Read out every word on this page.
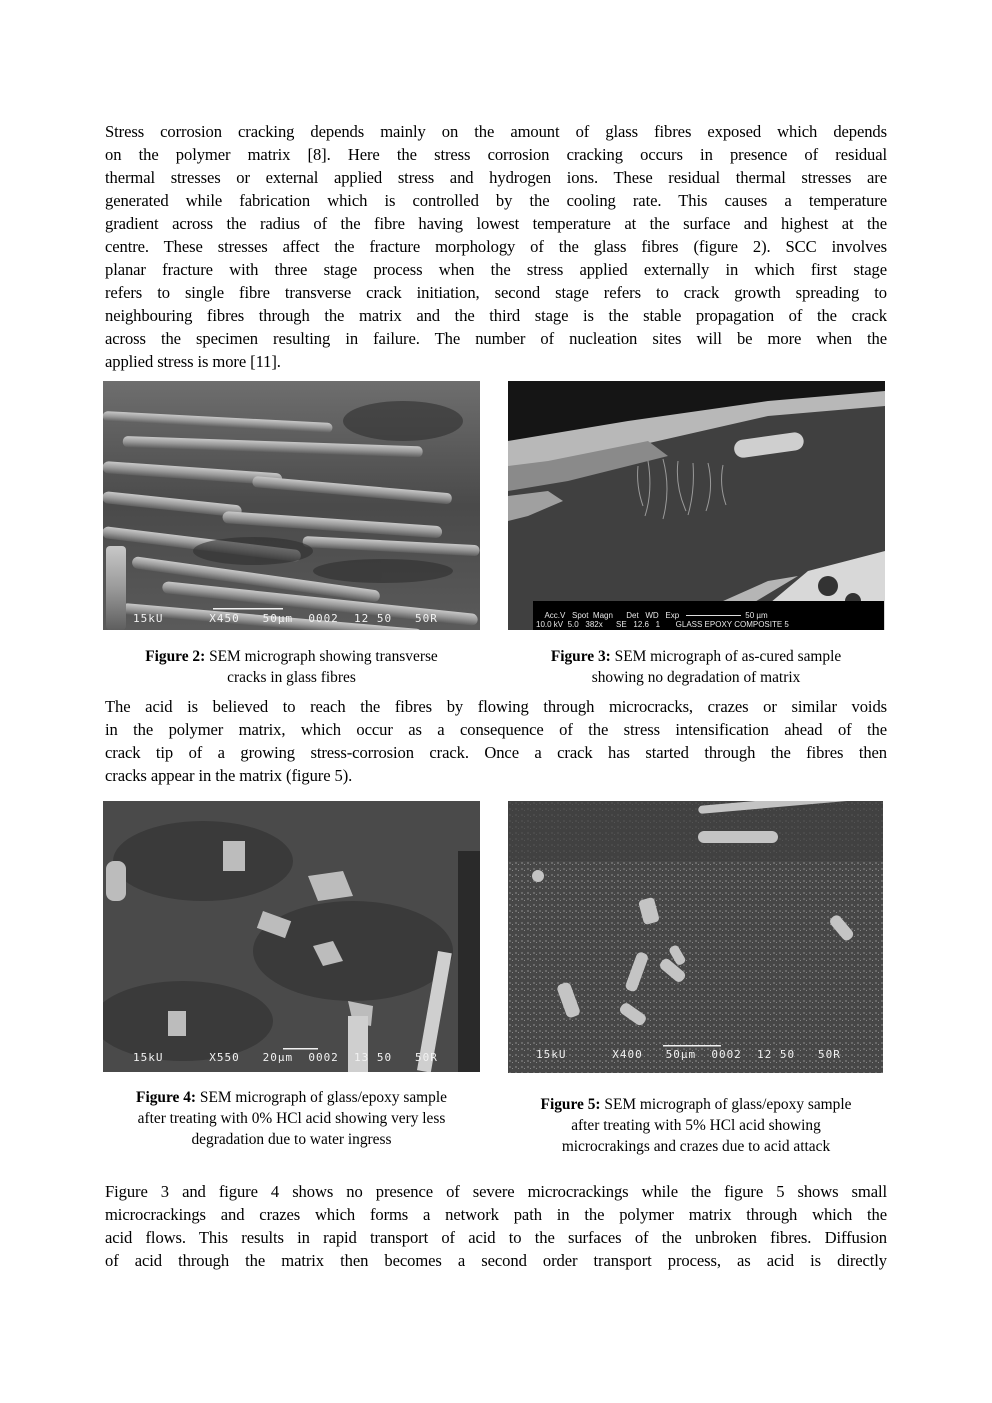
Stress corrosion cracking depends mainly on the amount of glass fibres exposed which depends
on the polymer matrix [8]. Here the stress corrosion cracking occurs in presence of residual
thermal stresses or external applied stress and hydrogen ions. These residual thermal stresses are
generated while fabrication which is controlled by the cooling rate. This causes a temperature
gradient across the radius of the fibre having lowest temperature at the surface and highest at the
centre. These stresses affect the fracture morphology of the glass fibres (figure 2). SCC involves
planar fracture with three stage process when the stress applied externally in which first stage
refers to single fibre transverse crack initiation, second stage refers to crack growth spreading to
neighbouring fibres through the matrix and the third stage is the stable propagation of the crack
across the specimen resulting in failure. The number of nucleation sites will be more when the
applied stress is more [11].
15kU      X450   50µm  0002  12 50   50R
Figure 2: SEM micrograph showing transverse
cracks in glass fibres

Acc.V   Spot  Magn      Det   WD   Exp	50 µm
10.0 kV  5.0   382x      SE   12.6   1 GLASS EPOXY COMPOSITE 5

Figure 3: SEM micrograph of as-cured sample
showing no degradation of matrix
The acid is believed to reach the fibres by flowing through microcracks, crazes or similar voids
in the polymer matrix, which occur as a consequence of the stress intensification ahead of the
crack tip of a growing stress-corrosion crack. Once a crack has started through the fibres then
cracks appear in the matrix (figure 5).
15kU      X550   20µm  0002  13 50   50R
Figure 4: SEM micrograph of glass/epoxy sample
after treating with 0% HCl acid showing very less
degradation due to water ingress
15kU      X400   50µm  0002  12 50   50R
Figure 5: SEM micrograph of glass/epoxy sample
after treating with 5% HCl acid showing
microcrakings and crazes due to acid attack
Figure 3 and figure 4 shows no presence of severe microcrackings while the figure 5 shows small
microcrackings and crazes which forms a network path in the polymer matrix through which the
acid flows. This results in rapid transport of acid to the surfaces of the unbroken fibres. Diffusion
of acid through the matrix then becomes a second order transport process, as acid is directly
